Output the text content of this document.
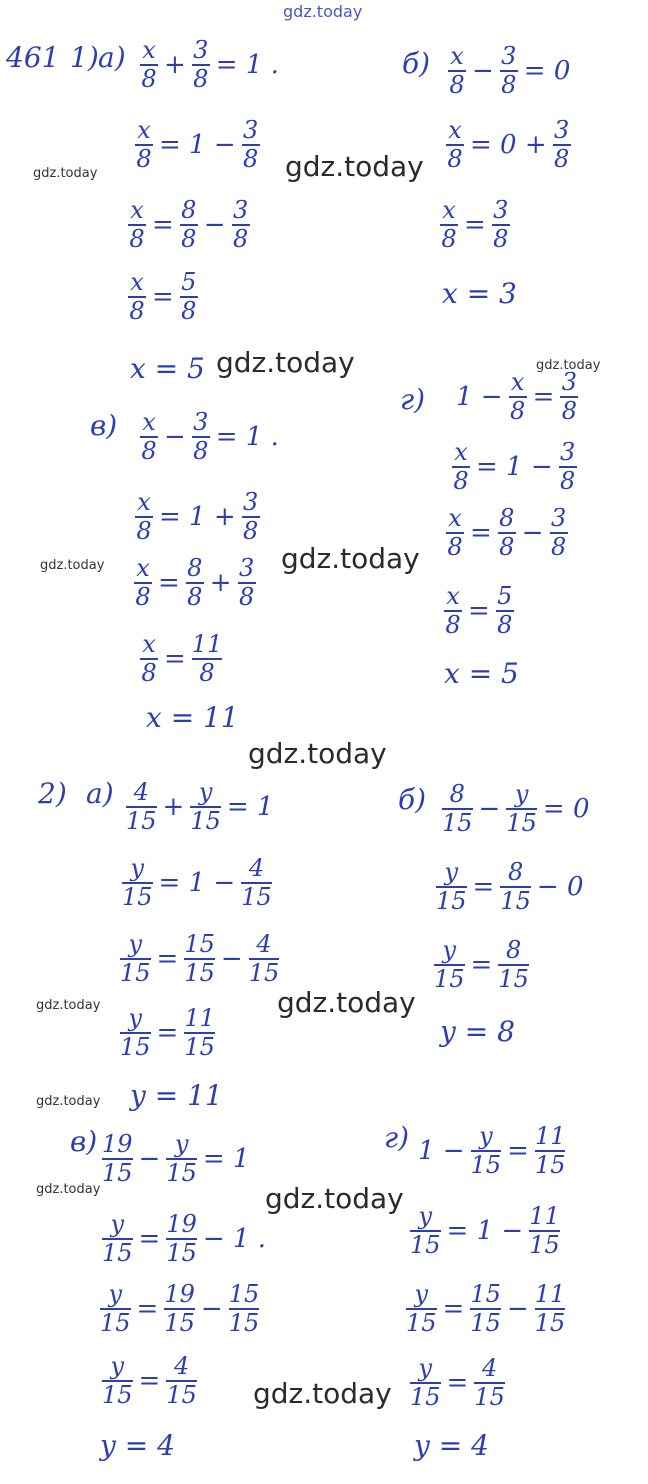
gdz.today
gdz.today
gdz.today
gdz.today
gdz.today
gdz.today
gdz.today
gdz.today
gdz.today
gdz.today
gdz.today
gdz.today
gdz.today
gdz.today
461 1) а)	б)
в)
г)
2) а)	б)
в)	г)
$\frac{x}{8} + \frac{3}{8} = 1$ .
$\frac{x}{8} = 1 - \frac{3}{8}$
$\frac{x}{8} = \frac{8}{8} - \frac{3}{8}$
$\frac{x}{8} = \frac{5}{8}$
x = 5
$\frac{x}{8} - \frac{3}{8} = 0$
$\frac{x}{8} = 0 + \frac{3}{8}$
$\frac{x}{8} = \frac{3}{8}$
x = 3
$\frac{x}{8} - \frac{3}{8} = 1$ .
$\frac{x}{8} = 1 + \frac{3}{8}$
$\frac{x}{8} = \frac{8}{8} + \frac{3}{8}$
$\frac{x}{8} = \frac{11}{8}$
x = 11
$1 - \frac{x}{8} = \frac{3}{8}$
$\frac{x}{8} = 1 - \frac{3}{8}$
$\frac{x}{8} = \frac{8}{8} - \frac{3}{8}$
$\frac{x}{8} = \frac{5}{8}$
x = 5
$\frac{4}{15} + \frac{y}{15} = 1$
$\frac{y}{15} = 1 - \frac{4}{15}$
$\frac{y}{15} = \frac{15}{15} - \frac{4}{15}$
$\frac{y}{15} = \frac{11}{15}$
y = 11
$\frac{8}{15} - \frac{y}{15} = 0$
$\frac{y}{15} = \frac{8}{15} - 0$
$\frac{y}{15} = \frac{8}{15}$
y = 8
$\frac{19}{15} - \frac{y}{15} = 1$
$\frac{y}{15} = \frac{19}{15} - 1$ .
$\frac{y}{15} = \frac{19}{15} - \frac{15}{15}$
$\frac{y}{15} = \frac{4}{15}$
y = 4
$1 - \frac{y}{15} = \frac{11}{15}$
$\frac{y}{15} = 1 - \frac{11}{15}$
$\frac{y}{15} = \frac{15}{15} - \frac{11}{15}$
$\frac{y}{15} = \frac{4}{15}$
y = 4
